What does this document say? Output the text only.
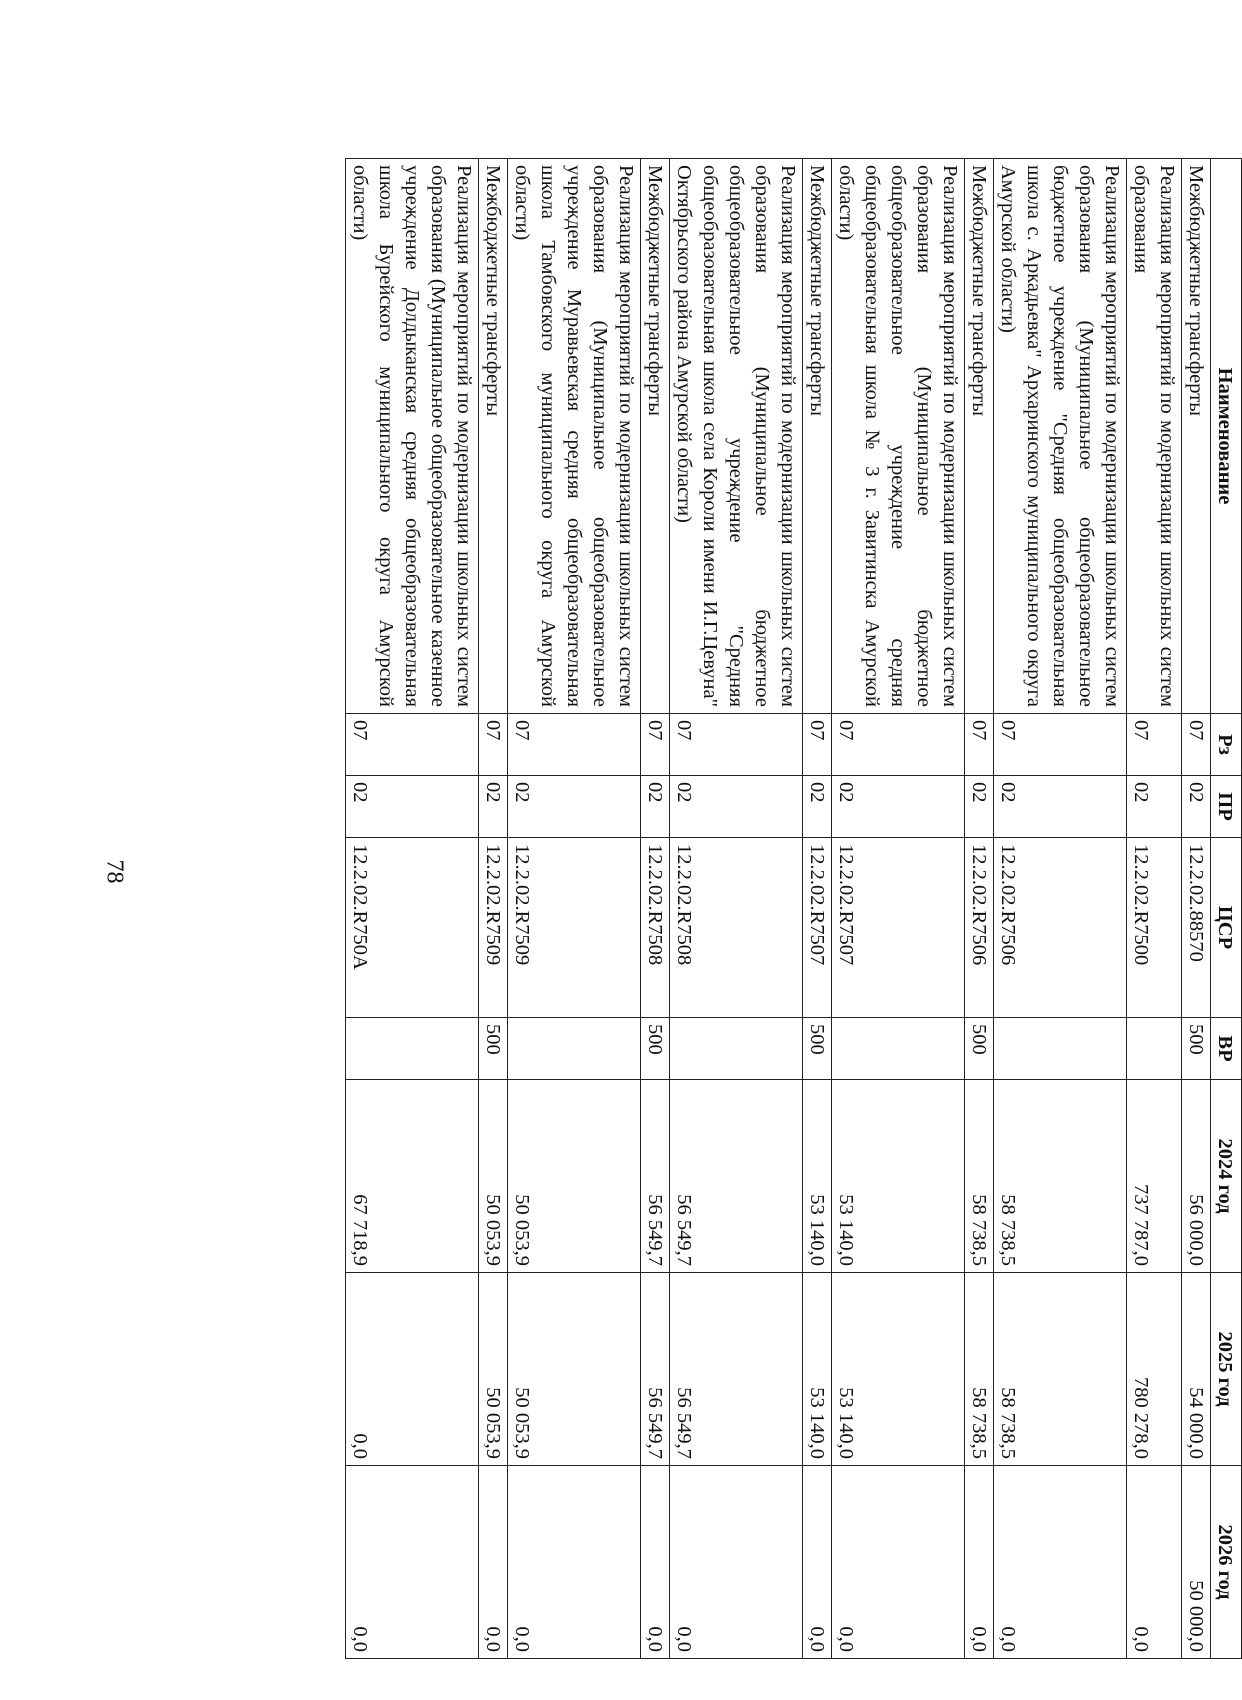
78
Наименование	Рз	ПР	ЦСР	ВР	2024 год	2025 год	2026 год
Межбюджетные трансферты	07	02	12.2.02.88570	500	56 000,0	54 000,0	50 000,0
Реализация мероприятий по модернизации школьных систем образования	07	02	12.2.02.R7500		737 787,0	780 278,0	0,0
Реализация мероприятий по модернизации школьных систем образования (Муниципальное общеобразовательное бюджетное учреждение "Средняя общеобразовательная школа с. Аркадьевка" Архаринского муниципального округа Амурской области)	07	02	12.2.02.R7506		58 738,5	58 738,5	0,0
Межбюджетные трансферты	07	02	12.2.02.R7506	500	58 738,5	58 738,5	0,0
Реализация мероприятий по модернизации школьных систем образования (Муниципальное бюджетное общеобразовательное учреждение средняя общеобразовательная школа № 3 г. Завитинска Амурской области)	07	02	12.2.02.R7507		53 140,0	53 140,0	0,0
Межбюджетные трансферты	07	02	12.2.02.R7507	500	53 140,0	53 140,0	0,0
Реализация мероприятий по модернизации школьных систем образования (Муниципальное бюджетное общеобразовательное учреждение "Средняя общеобразовательная школа села Короли имени И.Г.Цевуна" Октябрьского района Амурской области)	07	02	12.2.02.R7508		56 549,7	56 549,7	0,0
Межбюджетные трансферты	07	02	12.2.02.R7508	500	56 549,7	56 549,7	0,0
Реализация мероприятий по модернизации школьных систем образования (Муниципальное общеобразовательное учреждение Муравьевская средняя общеобразовательная школа Тамбовского муниципального округа Амурской области)	07	02	12.2.02.R7509		50 053,9	50 053,9	0,0
Межбюджетные трансферты	07	02	12.2.02.R7509	500	50 053,9	50 053,9	0,0
Реализация мероприятий по модернизации школьных систем образования (Муниципальное общеобразовательное казенное учреждение Долдыканская средняя общеобразовательная школа Бурейского муниципального округа Амурской области)	07	02	12.2.02.R750A		67 718,9	0,0	0,0
